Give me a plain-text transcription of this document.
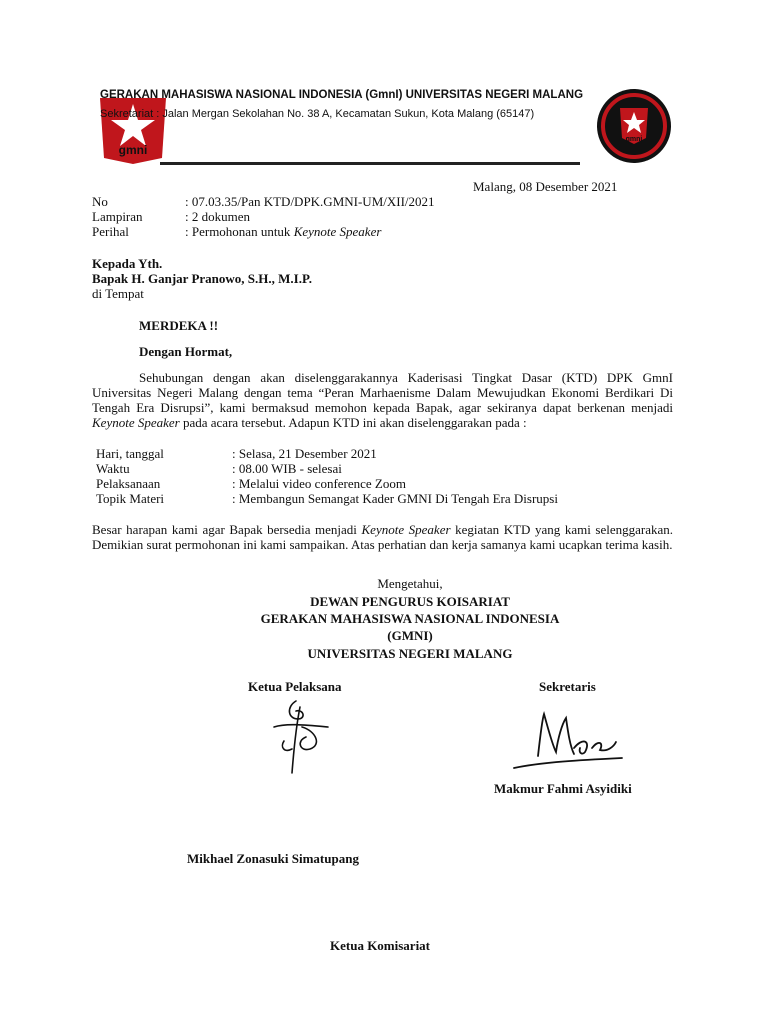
gmni
GERAKAN MAHASISWA NASIONAL INDONESIA (GmnI) UNIVERSITAS NEGERI MALANG
Sekretariat : Jalan Mergan Sekolahan No. 38 A, Kecamatan Sukun, Kota Malang (65147)
gmni
Malang, 08 Desember 2021
No	: 07.03.35/Pan KTD/DPK.GMNI-UM/XII/2021
Lampiran	: 2 dokumen
Perihal	: Permohonan untuk Keynote Speaker
Kepada Yth.
Bapak H. Ganjar Pranowo, S.H., M.I.P.
di Tempat
MERDEKA !!
Dengan Hormat,
Sehubungan dengan akan diselenggarakannya Kaderisasi Tingkat Dasar (KTD) DPK GmnI Universitas Negeri Malang dengan tema “Peran Marhaenisme Dalam Mewujudkan Ekonomi Berdikari Di Tengah Era Disrupsi”, kami bermaksud memohon kepada Bapak, agar sekiranya dapat berkenan menjadi Keynote Speaker pada acara tersebut. Adapun KTD ini akan diselenggarakan pada :
Hari, tanggal	: Selasa, 21 Desember 2021
Waktu	: 08.00 WIB - selesai
Pelaksanaan	: Melalui video conference Zoom
Topik Materi	: Membangun Semangat Kader GMNI Di Tengah Era Disrupsi
Besar harapan kami agar Bapak bersedia menjadi Keynote Speaker kegiatan KTD yang kami selenggarakan. Demikian surat permohonan ini kami sampaikan. Atas perhatian dan kerja samanya kami ucapkan terima kasih.
Mengetahui,
DEWAN PENGURUS KOISARIAT
GERAKAN MAHASISWA NASIONAL INDONESIA
(GMNI)
UNIVERSITAS NEGERI MALANG
Ketua Pelaksana	Sekretaris
Makmur Fahmi Asyidiki
Mikhael Zonasuki Simatupang
Ketua Komisariat
